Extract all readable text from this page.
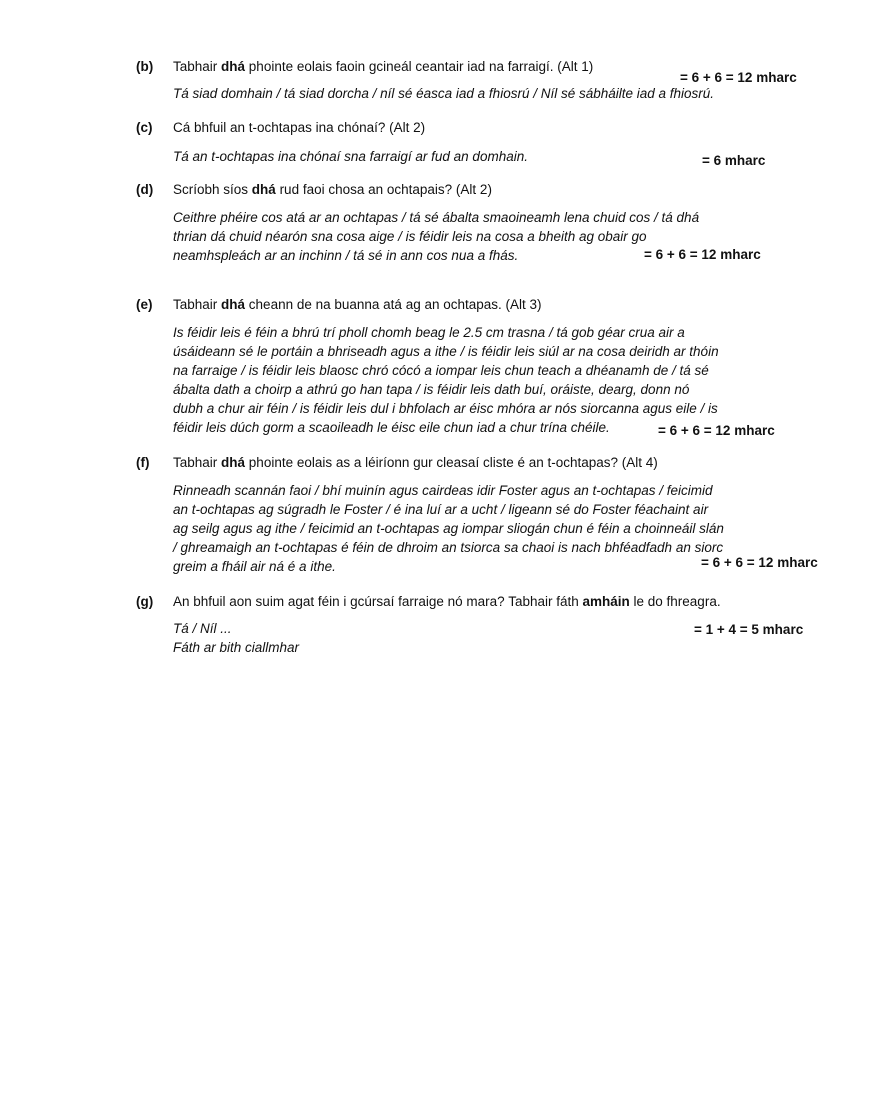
(b) Tabhair dhá phointe eolais faoin gcineál ceantair iad na farraigí. (Alt 1)
= 6 + 6 = 12 mharc
Tá siad domhain / tá siad dorcha / níl sé éasca iad a fhiosrú / Níl sé sábháilte iad a fhiosrú.
(c) Cá bhfuil an t-ochtapas ina chónaí? (Alt 2)
Tá an t-ochtapas ina chónaí sna farraigí ar fud an domhain.	= 6 mharc
(d) Scríobh síos dhá rud faoi chosa an ochtapais? (Alt 2)
Ceithre phéire cos atá ar an ochtapas / tá sé ábalta smaoineamh lena chuid cos / tá dhá
thrian dá chuid néarón sna cosa aige / is féidir leis na cosa a bheith ag obair go
neamhspleách ar an inchinn / tá sé in ann cos nua a fhás.	= 6 + 6 = 12 mharc
(e) Tabhair dhá cheann de na buanna atá ag an ochtapas. (Alt 3)
Is féidir leis é féin a bhrú trí pholl chomh beag le 2.5 cm trasna / tá gob géar crua air a
úsáideann sé le portáin a bhriseadh agus a ithe / is féidir leis siúl ar na cosa deiridh ar thóin
na farraige / is féidir leis blaosc chró cócó a iompar leis chun teach a dhéanamh de / tá sé
ábalta dath a choirp a athrú go han tapa / is féidir leis dath buí, oráiste, dearg, donn nó
dubh a chur air féin / is féidir leis dul i bhfolach ar éisc mhóra ar nós siorcanna agus eile / is
féidir leis dúch gorm a scaoileadh le éisc eile chun iad a chur trína chéile.	= 6 + 6 = 12 mharc
(f) Tabhair dhá phointe eolais as a léiríonn gur cleasaí cliste é an t-ochtapas? (Alt 4)
Rinneadh scannán faoi / bhí muinín agus cairdeas idir Foster agus an t-ochtapas / feicimid
an t-ochtapas ag súgradh le Foster / é ina luí ar a ucht / ligeann sé do Foster féachaint air
ag seilg agus ag ithe / feicimid an t-ochtapas ag iompar sliogán chun é féin a choinneáil slán
/ ghreamaigh an t-ochtapas é féin de dhroim an tsiorca sa chaoi is nach bhféadfadh an siorc
greim a fháil air ná é a ithe.	= 6 + 6 = 12 mharc
(g) An bhfuil aon suim agat féin i gcúrsaí farraige nó mara? Tabhair fáth amháin le do fhreagra.
Tá / Níl ...
Fáth ar bith ciallmhar
= 1 + 4 = 5 mharc
